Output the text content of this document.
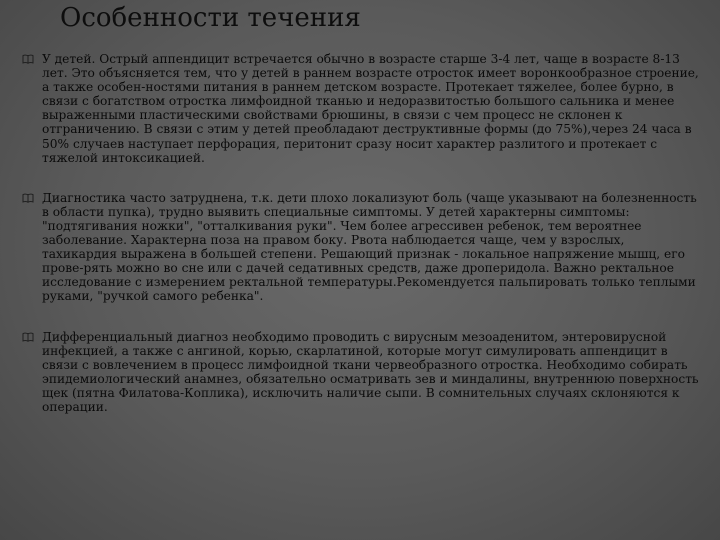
Особенности течения
У детей. Острый аппендицит встречается обычно в возрасте старше 3-4 лет, чаще в возрасте 8-13 лет. Это объясняется тем, что у детей в раннем возрасте отросток имеет воронкообразное строение, а также особен-ностями питания в раннем детском возрасте. Протекает тяжелее, более бурно, в связи с богатством отростка лимфоидной тканью и недоразвитостью большого сальника и менее выраженными пластическими свойствами брюшины, в связи с чем процесс не склонен к отграничению. В связи с этим у детей преобладают деструктивные формы (до 75%),через 24 часа в 50% случаев наступает перфорация, перитонит сразу носит характер разлитого и протекает с тяжелой интоксикацией.
Диагностика часто затруднена, т.к. дети плохо локализуют боль (чаще указывают на болезненность в области пупка), трудно выявить специальные симптомы. У детей характерны симптомы: "подтягивания ножки", "отталкивания руки". Чем более агрессивен ребенок, тем вероятнее заболевание. Характерна поза на правом боку. Рвота наблюдается чаще, чем у взрослых, тахикардия выражена в большей степени. Решающий признак - локальное напряжение мышц, его прове-рять можно во сне или с дачей седативных средств, даже дроперидола. Важно ректальное исследование с измерением ректальной температуры.Рекомендуется пальпировать только теплыми руками, "ручкой самого ребенка".
Дифференциальный диагноз необходимо проводить с вирусным мезоаденитом, энтеровирусной инфекцией, а также с ангиной, корью, скарлатиной, которые могут симулировать аппендицит в связи с вовлечением в процесс лимфоидной ткани червеобразного отростка. Необходимо собирать эпидемиологический анамнез, обязательно осматривать зев и миндалины, внутреннюю поверхность щек (пятна Филатова-Коплика), исключить наличие сыпи. В сомнительных случаях склоняются к операции.
